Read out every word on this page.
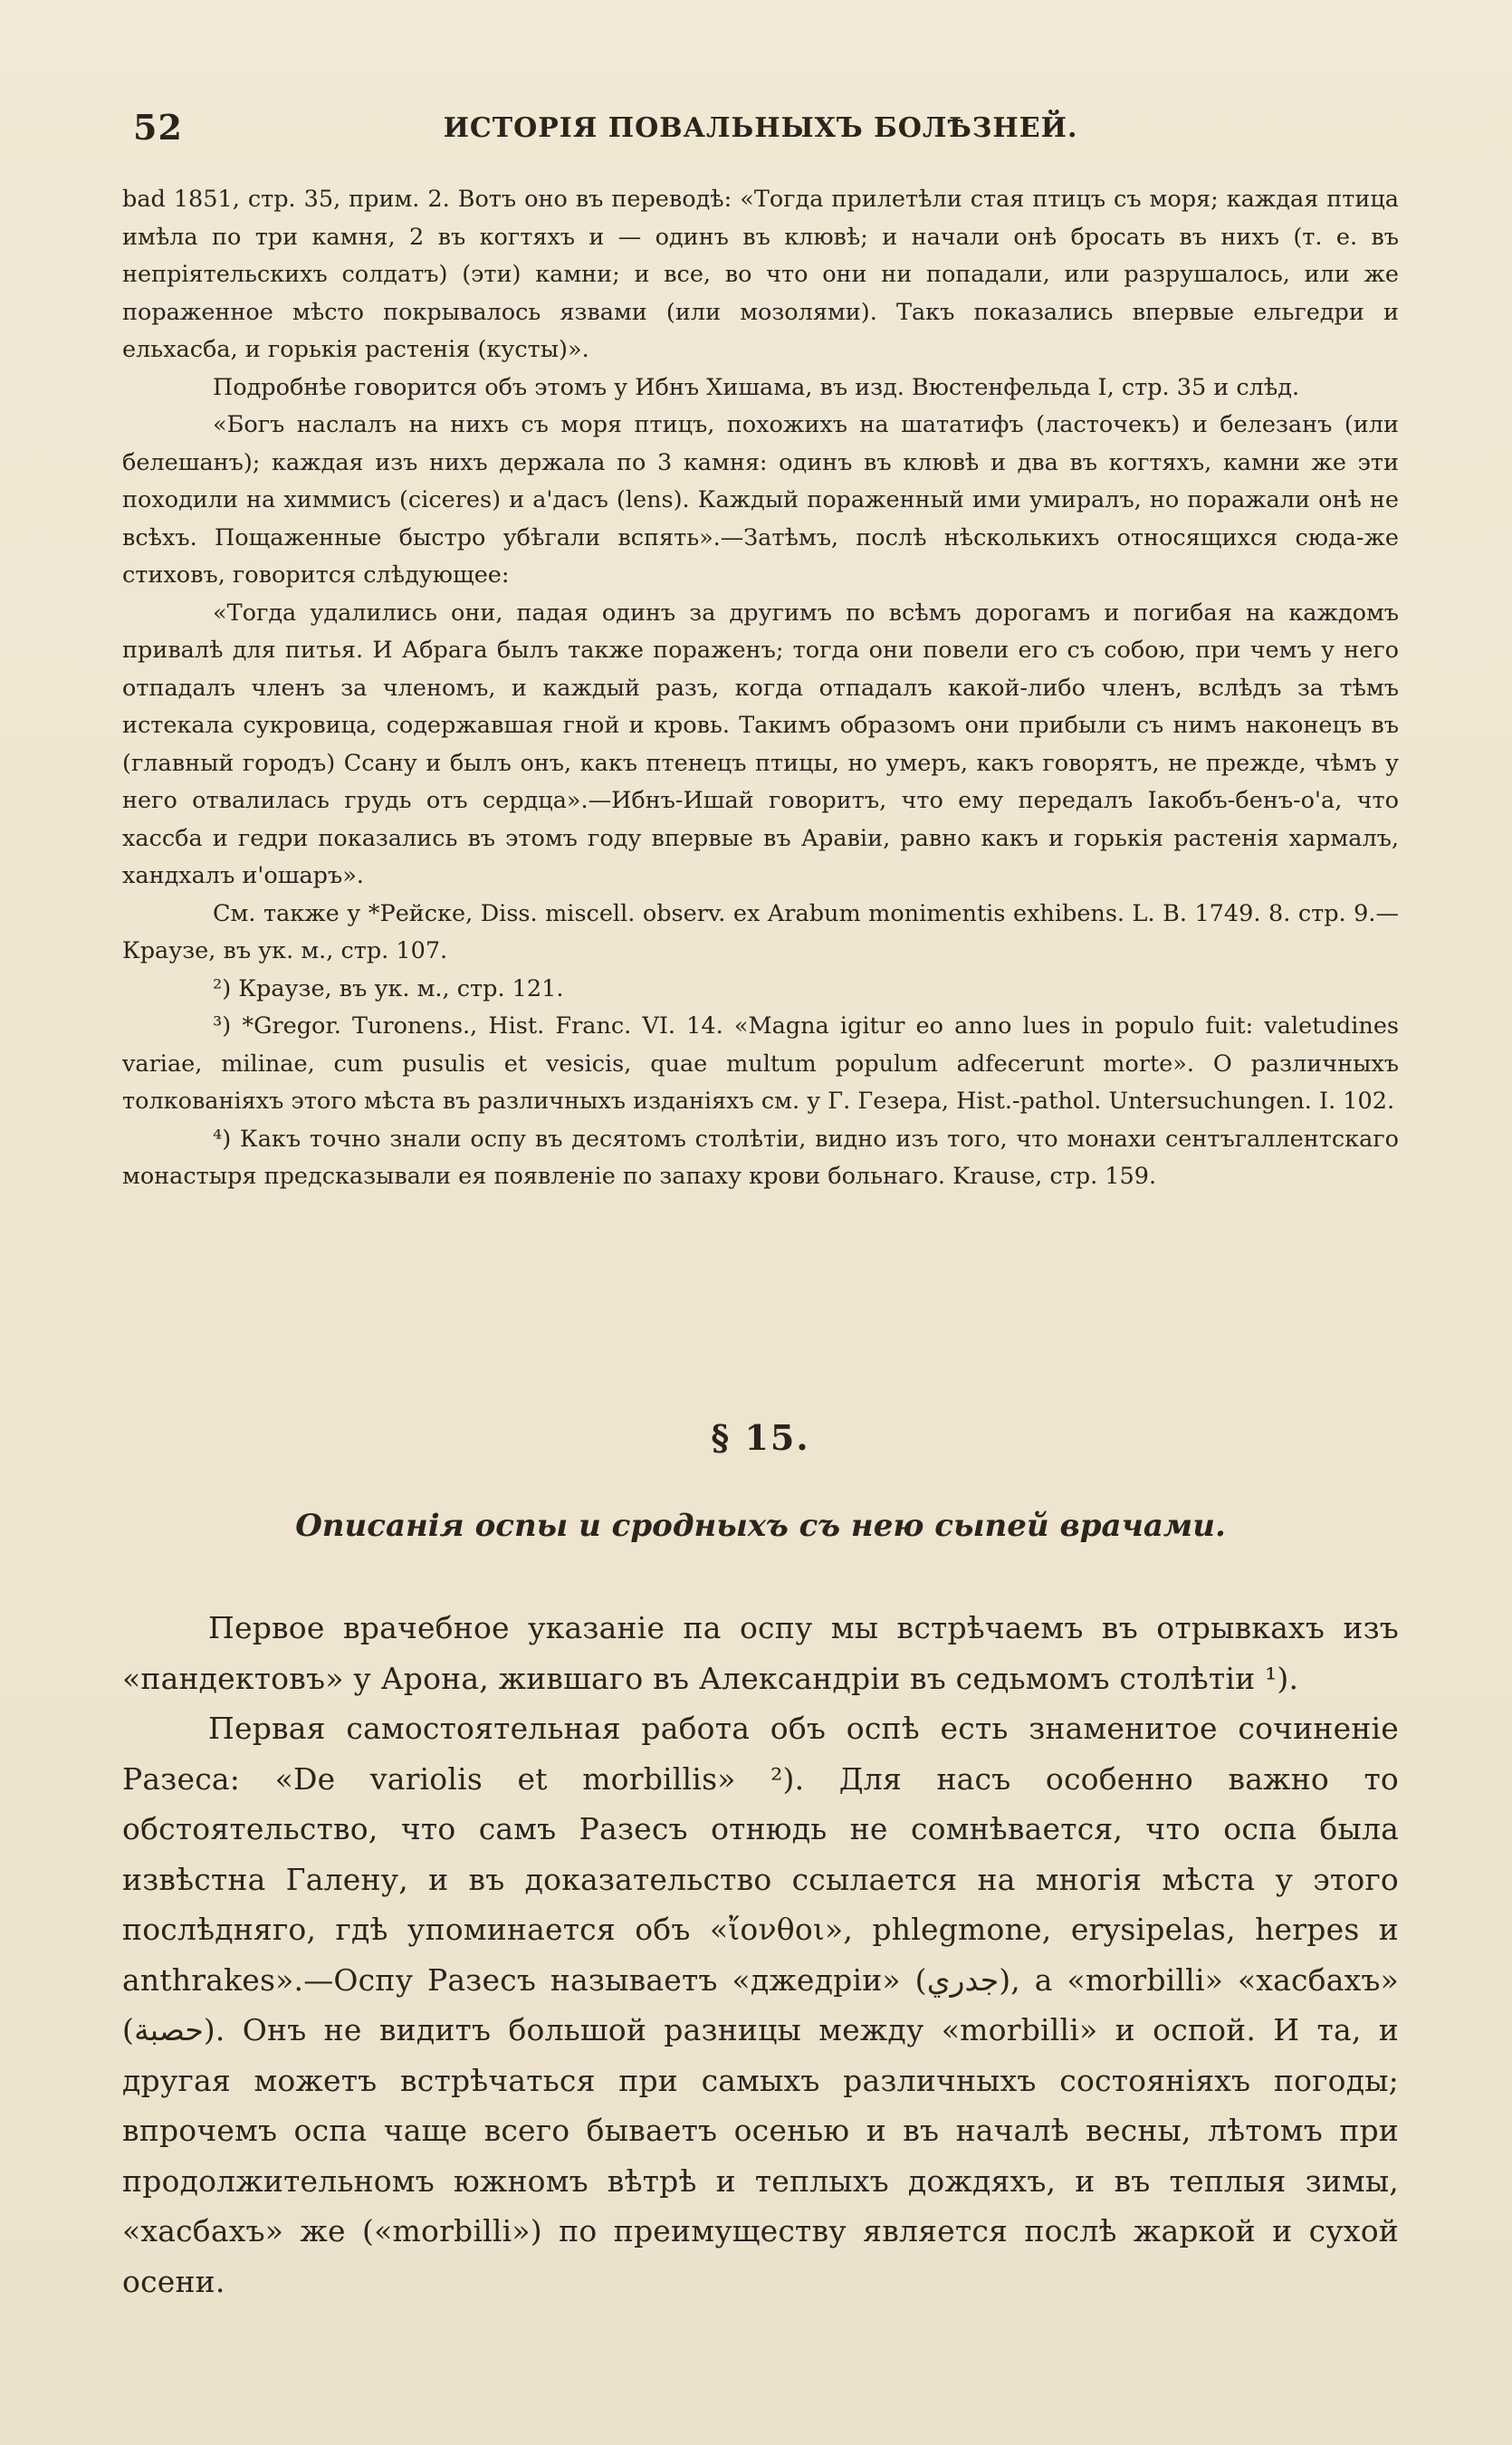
52	ИСТОРІЯ ПОВАЛЬНЫХЪ БОЛѢЗНЕЙ.

bad 1851, стр. 35, прим. 2. Вотъ оно въ переводѣ: «Тогда прилетѣли стая птицъ съ моря; каждая птица имѣла по три камня, 2 въ когтяхъ и — одинъ въ клювѣ; и начали онѣ бросать въ нихъ (т. е. въ непріятельскихъ солдатъ) (эти) камни; и все, во что они ни попадали, или разрушалось, или же пораженное мѣсто покрывалось язвами (или мозолями). Такъ показались впервые ельгедри и ельхасба, и горькія растенія (кусты)».

Подробнѣе говорится объ этомъ у Ибнъ Хишама, въ изд. Вюстенфельда I, стр. 35 и слѣд.

«Богъ наслалъ на нихъ съ моря птицъ, похожихъ на шататифъ (ласточекъ) и белезанъ (или белешанъ); каждая изъ нихъ держала по 3 камня: одинъ въ клювѣ и два въ когтяхъ, камни же эти походили на химмисъ (cicerеs) и а'дасъ (lens). Каждый пораженный ими умиралъ, но поражали онѣ не всѣхъ. Пощаженные быстро убѣгали вспять».—Затѣмъ, послѣ нѣсколькихъ относящихся сюда-же стиховъ, говорится слѣдующее:

«Тогда удалились они, падая одинъ за другимъ по всѣмъ дорогамъ и погибая на каждомъ привалѣ для питья. И Абрага былъ также пораженъ; тогда они повели его съ собою, при чемъ у него отпадалъ членъ за членомъ, и каждый разъ, когда отпадалъ какой-либо членъ, вслѣдъ за тѣмъ истекала сукровица, содержавшая гной и кровь. Такимъ образомъ они прибыли съ нимъ наконецъ въ (главный городъ) Ссану и былъ онъ, какъ птенецъ птицы, но умеръ, какъ говорятъ, не прежде, чѣмъ у него отвалилась грудь отъ сердца».—Ибнъ-Ишай говоритъ, что ему передалъ Іакобъ-бенъ-о'а, что хассба и гедри показались въ этомъ году впервые въ Аравіи, равно какъ и горькія растенія хармалъ, хандхалъ и'ошаръ».

См. также у *Рейске, Diss. miscell. observ. ex Arabum monimentis exhibens. L. B. 1749. 8. стр. 9.—Краузе, въ ук. м., стр. 107.

²) Краузе, въ ук. м., стр. 121.

³) *Gregor. Turonens., Hist. Franc. VI. 14. «Magna igitur eo anno lues in populo fuit: valetudines variae, milinae, cum pusulis et vesicis, quae multum populum adfecerunt morte». О различныхъ толкованіяхъ этого мѣста въ различныхъ изданіяхъ см. у Г. Гезера, Hist.-pathol. Untersuchungen. I. 102.

⁴) Какъ точно знали оспу въ десятомъ столѣтіи, видно изъ того, что монахи сентъгаллентскаго монастыря предсказывали ея появленіе по запаху крови больнаго. Krause, стр. 159.

§ 15.
Описанія оспы и сродныхъ съ нею сыпей врачами.

Первое врачебное указаніе па оспу мы встрѣчаемъ въ отрывкахъ изъ «пандектовъ» у Арона, жившаго въ Александріи въ седьмомъ столѣтіи ¹).

Первая самостоятельная работа объ оспѣ есть знаменитое сочиненіе Разеса: «De variolis et morbillis» ²). Для насъ особенно важно то обстоятельство, что самъ Разесъ отнюдь не сомнѣвается, что оспа была извѣстна Галену, и въ доказательство ссылается на многія мѣста у этого послѣдняго, гдѣ упоминается объ «ἴονθοι», phlegmone, erysipelas, herpes и anthrakes».—Оспу Разесъ называетъ «джедріи» (جدري), а «morbilli» «хасбахъ» (حصبة). Онъ не видитъ большой разницы между «morbilli» и оспой. И та, и другая можетъ встрѣчаться при самыхъ различныхъ состояніяхъ погоды; впрочемъ оспа чаще всего бываетъ осенью и въ началѣ весны, лѣтомъ при продолжительномъ южномъ вѣтрѣ и теплыхъ дождяхъ, и въ теплыя зимы, «хасбахъ» же («morbilli») по преимуществу является послѣ жаркой и сухой осени.
